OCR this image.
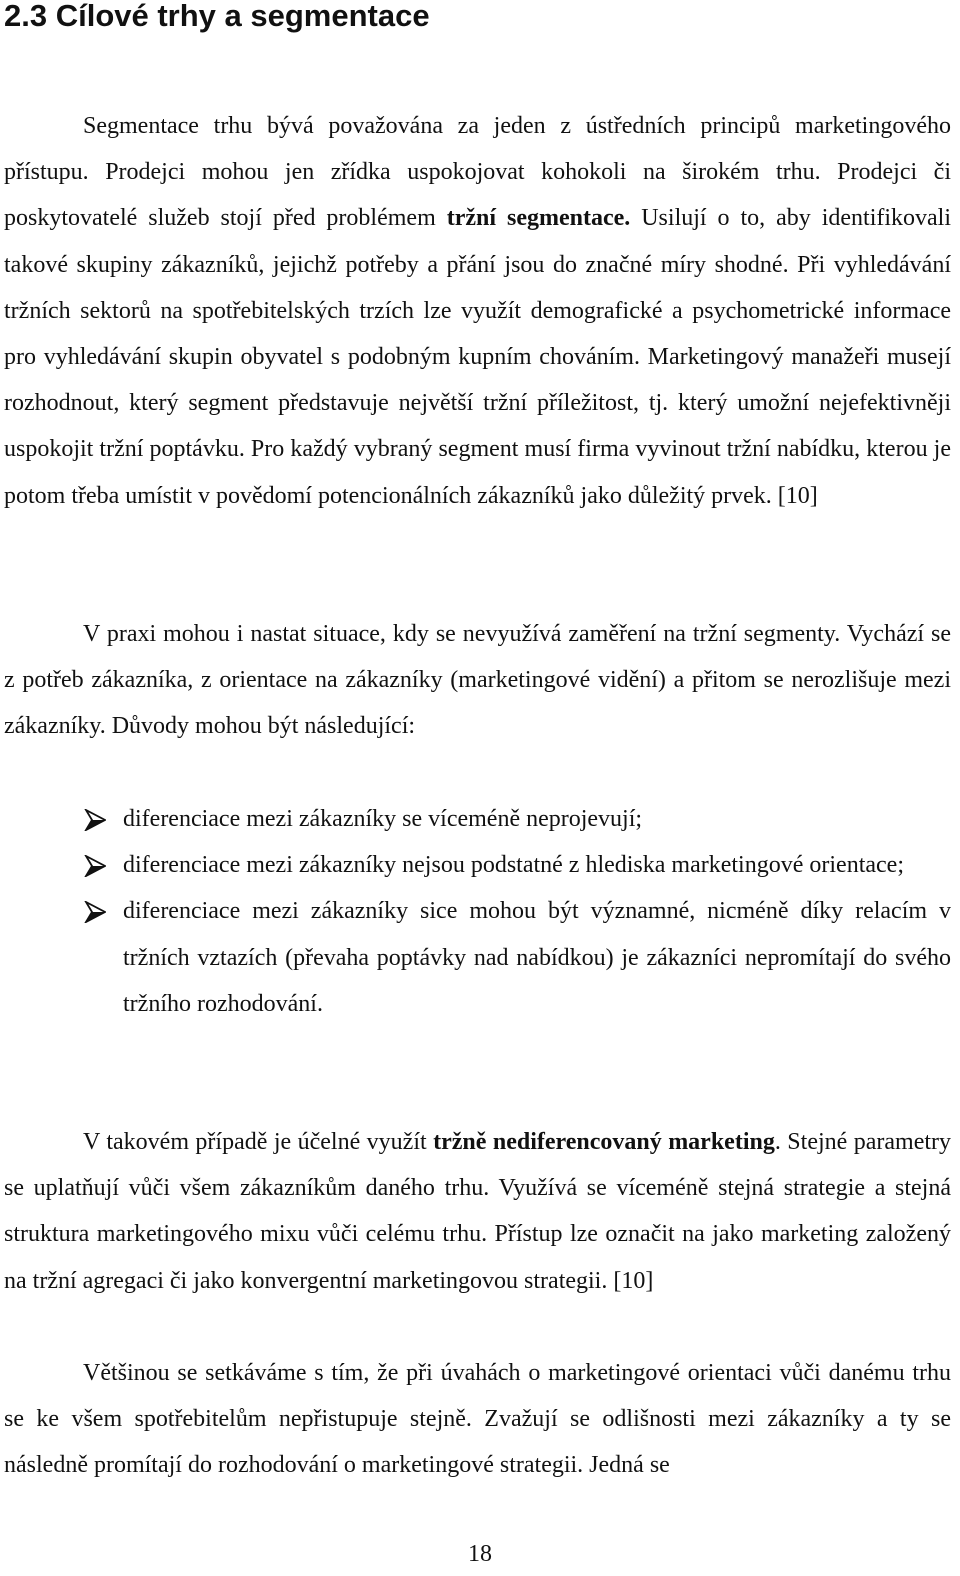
2.3 Cílové trhy a segmentace

Segmentace trhu bývá považována za jeden z ústředních principů marketingového přístupu. Prodejci mohou jen zřídka uspokojovat kohokoli na širokém trhu. Prodejci či poskytovatelé služeb stojí před problémem tržní segmentace. Usilují o to, aby identifikovali takové skupiny zákazníků, jejichž potřeby a přání jsou do značné míry shodné. Při vyhledávání tržních sektorů na spotřebitelských trzích lze využít demografické a psychometrické informace pro vyhledávání skupin obyvatel s podobným kupním chováním. Marketingový manažeři musejí rozhodnout, který segment představuje největší tržní příležitost, tj. který umožní nejefektivněji uspokojit tržní poptávku. Pro každý vybraný segment musí firma vyvinout tržní nabídku, kterou je potom třeba umístit v povědomí potencionálních zákazníků jako důležitý prvek. [10]

V praxi mohou i nastat situace, kdy se nevyužívá zaměření na tržní segmenty. Vychází se z potřeb zákazníka, z orientace na zákazníky (marketingové vidění) a přitom se nerozlišuje mezi zákazníky. Důvody mohou být následující:

diferenciace mezi zákazníky se víceméně neprojevují;
diferenciace mezi zákazníky nejsou podstatné z hlediska marketingové orientace;
diferenciace mezi zákazníky sice mohou být významné, nicméně díky relacím v tržních vztazích (převaha poptávky nad nabídkou) je zákazníci nepromítají do svého tržního rozhodování.

V takovém případě je účelné využít tržně nediferencovaný marketing. Stejné parametry se uplatňují vůči všem zákazníkům daného trhu. Využívá se víceméně stejná strategie a stejná struktura marketingového mixu vůči celému trhu. Přístup lze označit na jako marketing založený na tržní agregaci či jako konvergentní marketingovou strategii. [10]

Většinou se setkáváme s tím, že při úvahách o marketingové orientaci vůči danému trhu se ke všem spotřebitelům nepřistupuje stejně. Zvažují se odlišnosti mezi zákazníky a ty se následně promítají do rozhodování o marketingové strategii. Jedná se

18
